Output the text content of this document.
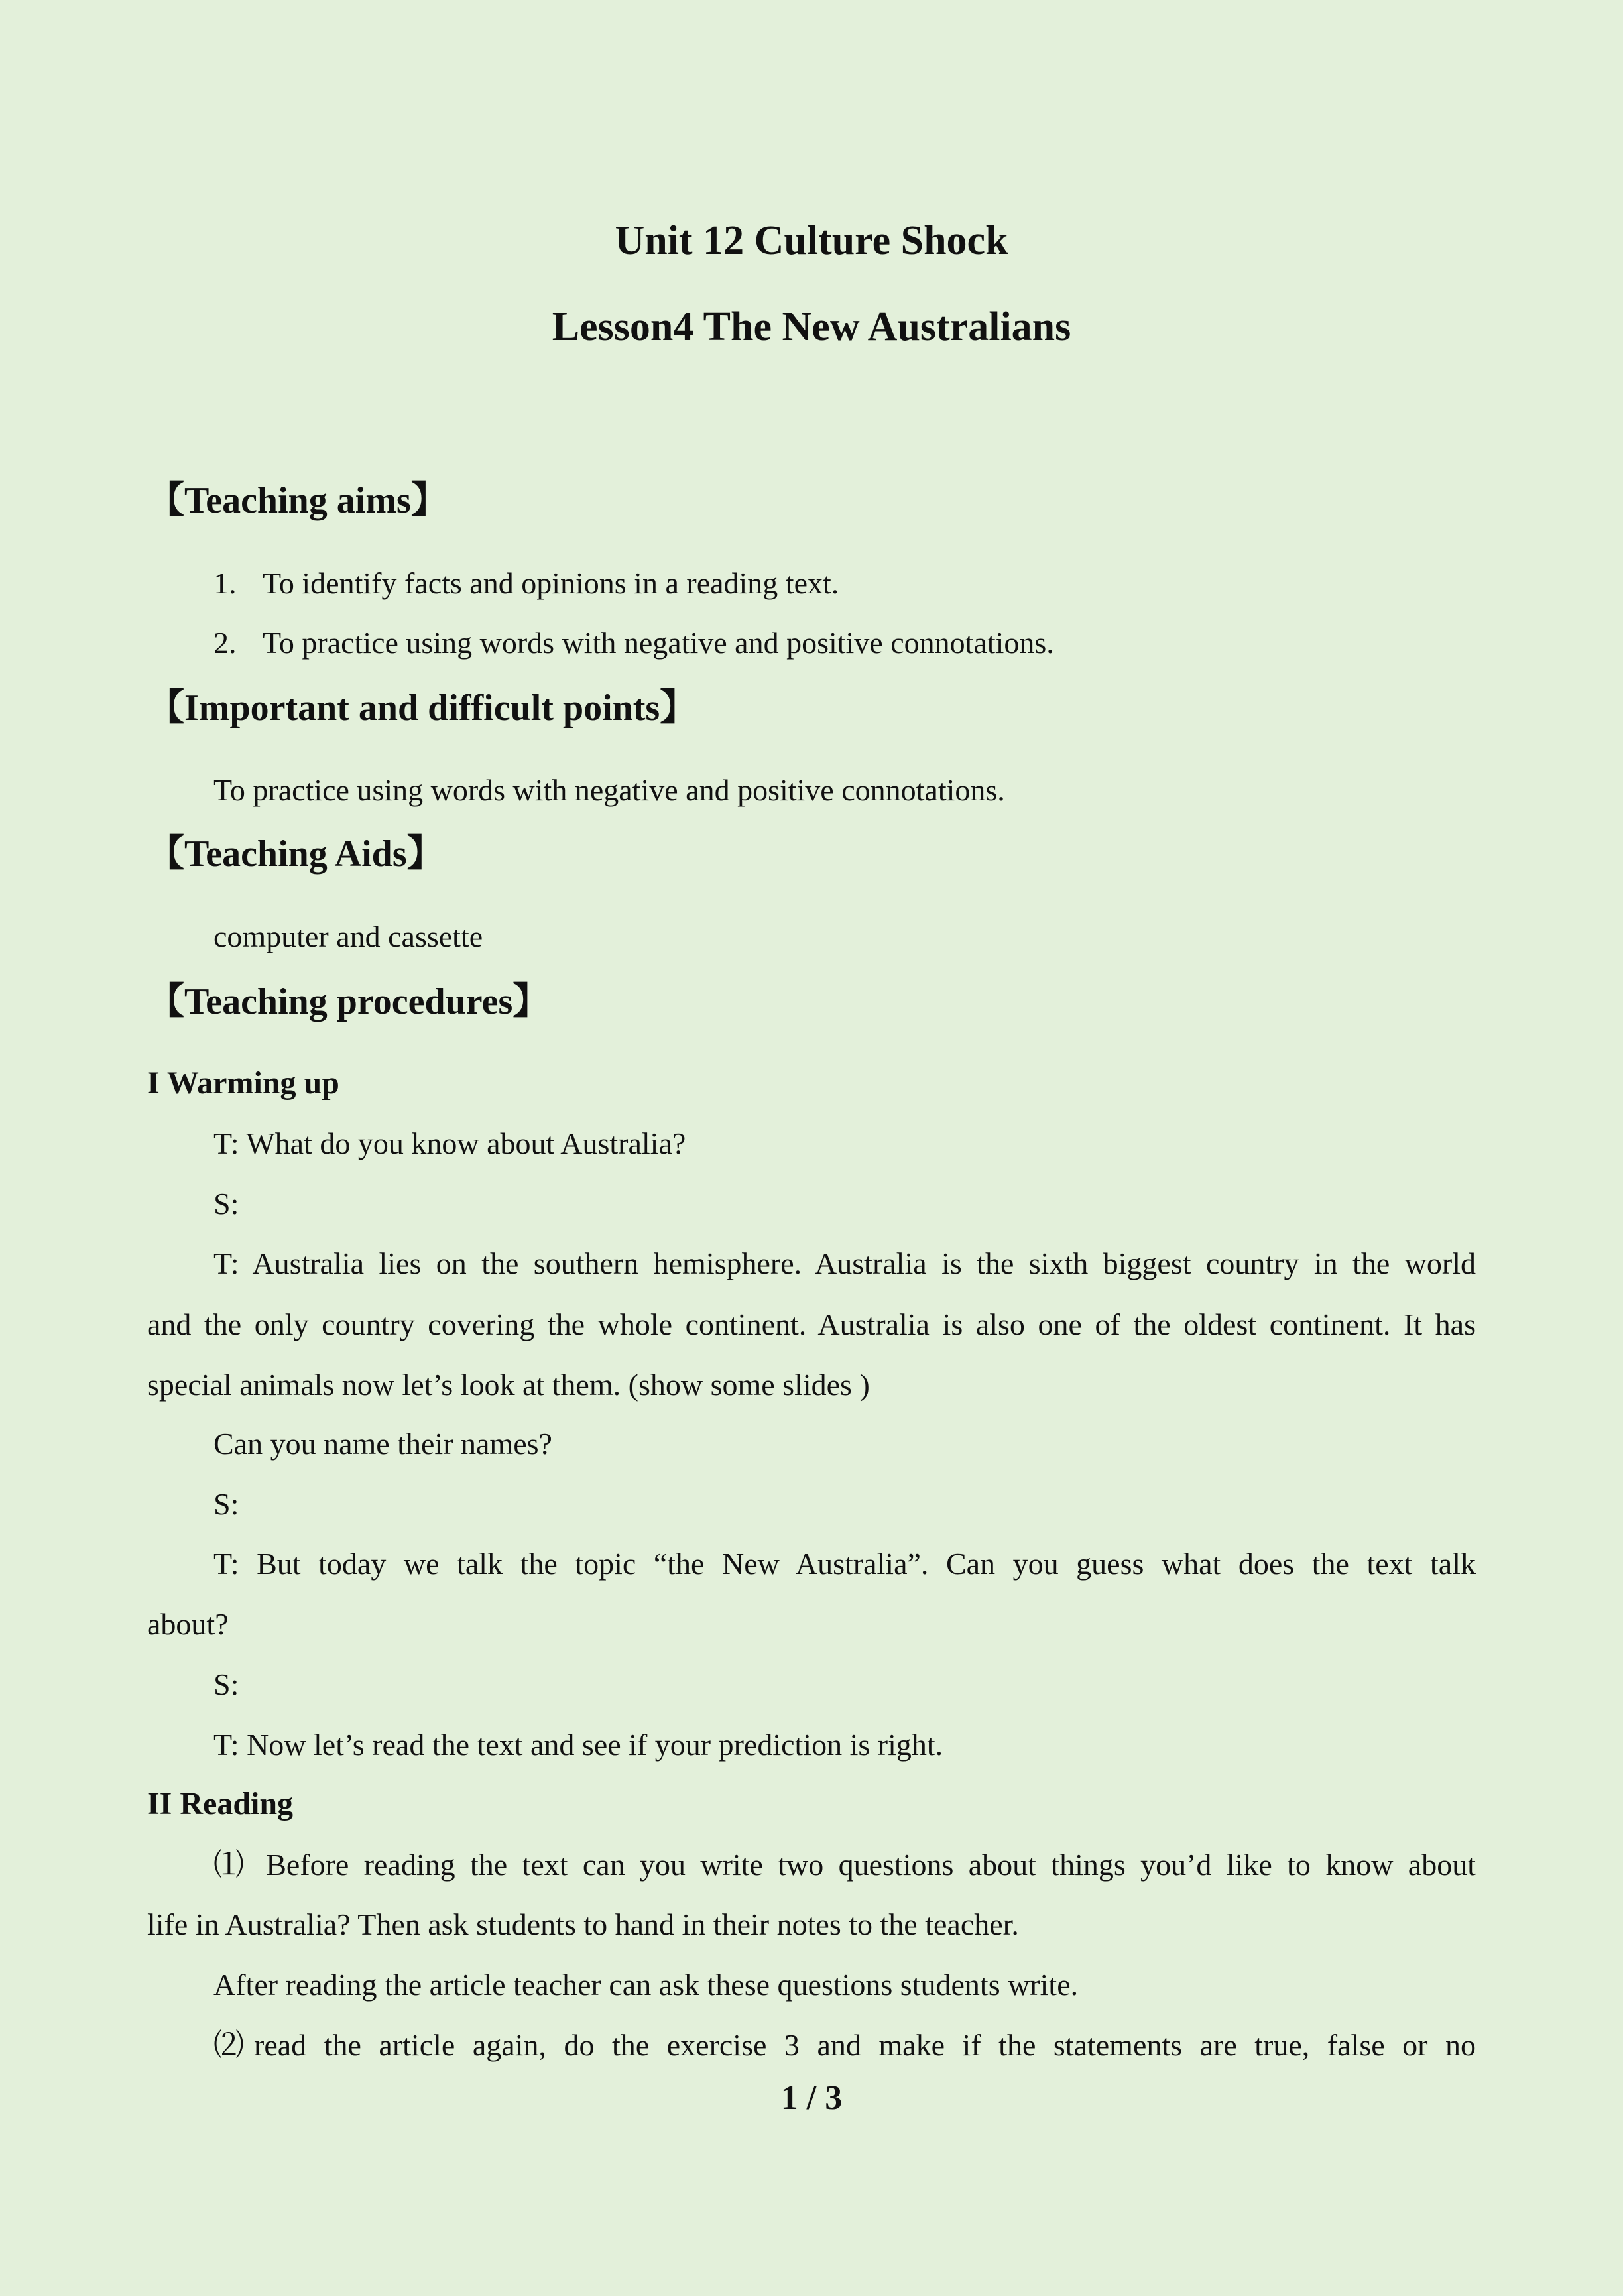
Unit 12 Culture Shock
Lesson4 The New Australians
【Teaching aims】
1. To identify facts and opinions in a reading text.
2. To practice using words with negative and positive connotations.
【Important and difficult points】
To practice using words with negative and positive connotations.
【Teaching Aids】
computer and cassette
【Teaching procedures】
I Warming up
T: What do you know about Australia?
S:
T: Australia lies on the southern hemisphere. Australia is the sixth biggest country in the world
and the only country covering the whole continent. Australia is also one of the oldest continent. It has
special animals now let’s look at them. (show some slides )
Can you name their names?
S:
T: But today we talk the topic “the New Australia”. Can you guess what does the text talk
about?
S:
T: Now let’s read the text and see if your prediction is right.
II Reading
⑴ Before reading the text can you write two questions about things you’d like to know about
life in Australia? Then ask students to hand in their notes to the teacher.
After reading the article teacher can ask these questions students write.
⑵read the article again, do the exercise 3 and make if the statements are true, false or no
1 / 3
